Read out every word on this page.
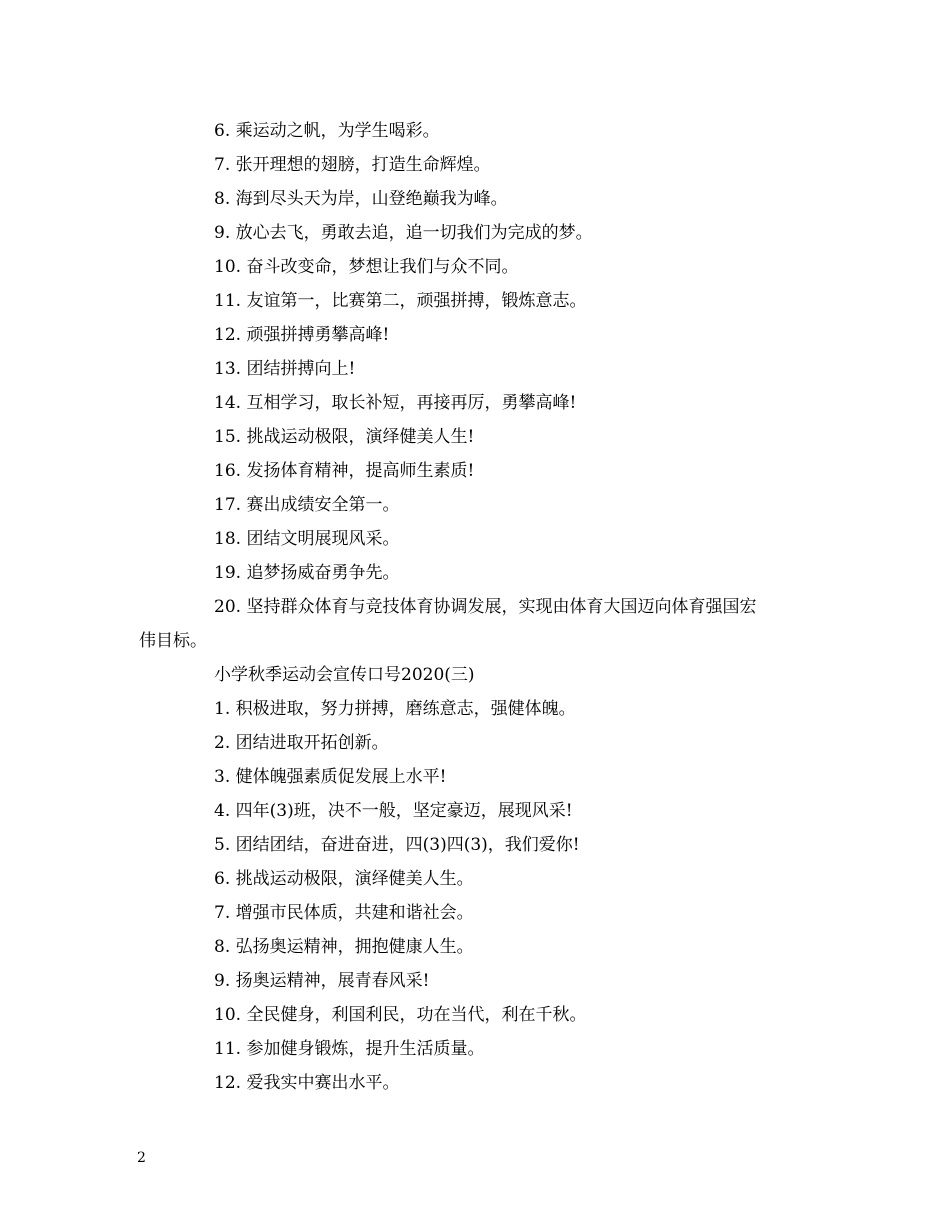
6. 乘运动之帆，为学生喝彩。
7. 张开理想的翅膀，打造生命辉煌。
8. 海到尽头天为岸，山登绝巅我为峰。
9. 放心去飞，勇敢去追，追一切我们为完成的梦。
10. 奋斗改变命，梦想让我们与众不同。
11. 友谊第一，比赛第二，顽强拼搏，锻炼意志。
12. 顽强拼搏勇攀高峰!
13. 团结拼搏向上!
14. 互相学习，取长补短，再接再厉，勇攀高峰!
15. 挑战运动极限，演绎健美人生!
16. 发扬体育精神，提高师生素质!
17. 赛出成绩安全第一。
18. 团结文明展现风采。
19. 追梦扬威奋勇争先。
20. 坚持群众体育与竞技体育协调发展，实现由体育大国迈向体育强国宏
伟目标。
小学秋季运动会宣传口号2020(三)
1. 积极进取，努力拼搏，磨练意志，强健体魄。
2. 团结进取开拓创新。
3. 健体魄强素质促发展上水平!
4. 四年(3)班，决不一般，坚定豪迈，展现风采!
5. 团结团结，奋进奋进，四(3)四(3)，我们爱你!
6. 挑战运动极限，演绎健美人生。
7. 增强市民体质，共建和谐社会。
8. 弘扬奥运精神，拥抱健康人生。
9. 扬奥运精神，展青春风采!
10. 全民健身，利国利民，功在当代，利在千秋。
11. 参加健身锻炼，提升生活质量。
12. 爱我实中赛出水平。
2
